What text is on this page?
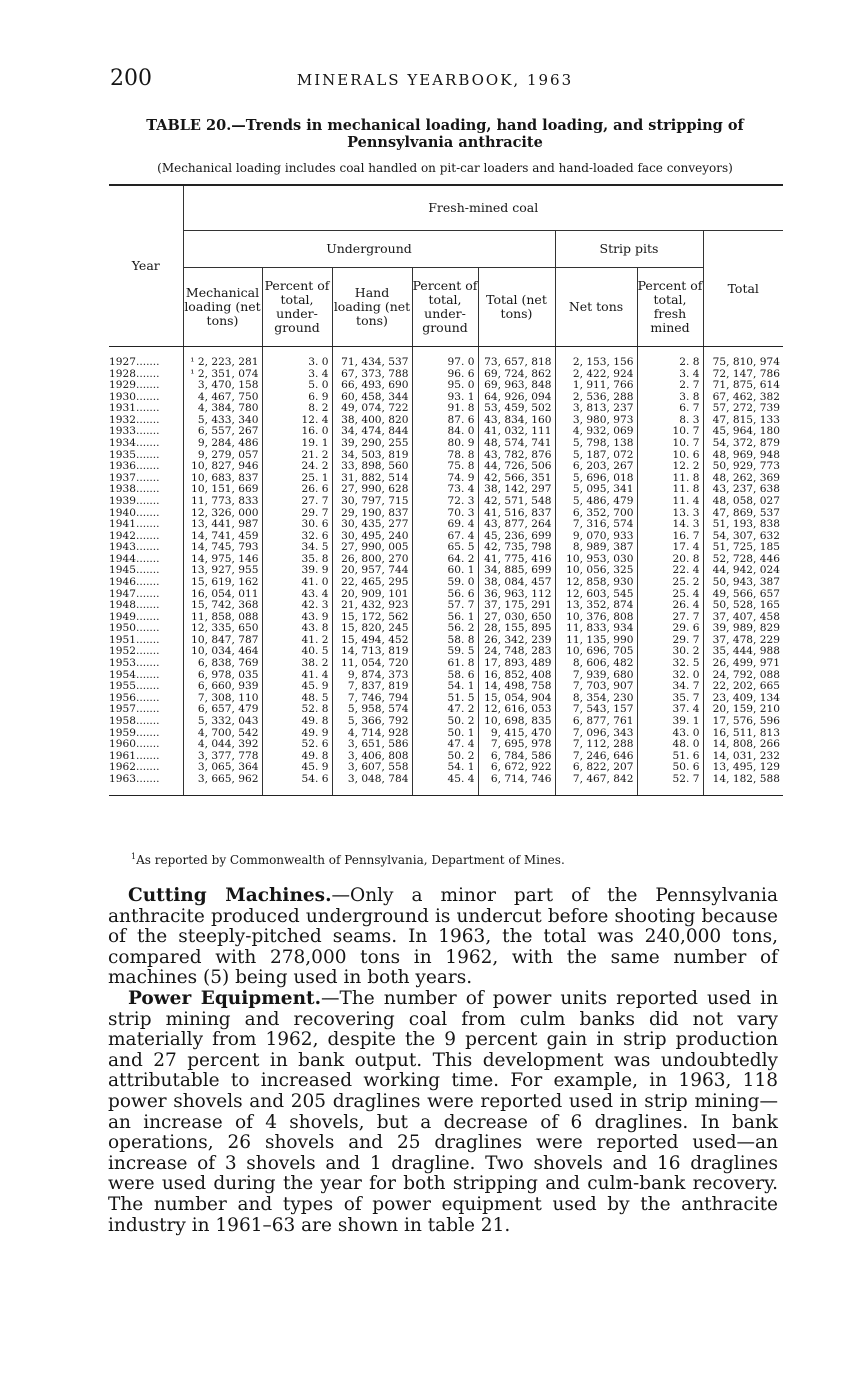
200	MINERALS YEARBOOK, 1963
TABLE 20.—Trends in mechanical loading, hand loading, and stripping of
Pennsylvania anthracite
(Mechanical loading includes coal handled on pit-car loaders and hand-loaded face conveyors)
Year	Fresh-mined coal							
	Underground					Strip pits		Total
	Mechanical loading (net tons)	Percent of total, under- ground	Hand loading (net tons)	Percent of total, under- ground	Total (net tons)	Net tons	Percent of total, fresh mined	
1927.......	¹ 2, 223, 281	3. 0	71, 434, 537	97. 0	73, 657, 818	2, 153, 156	2. 8	75, 810, 974
1928.......	¹ 2, 351, 074	3. 4	67, 373, 788	96. 6	69, 724, 862	2, 422, 924	3. 4	72, 147, 786
1929.......	3, 470, 158	5. 0	66, 493, 690	95. 0	69, 963, 848	1, 911, 766	2. 7	71, 875, 614
1930.......	4, 467, 750	6. 9	60, 458, 344	93. 1	64, 926, 094	2, 536, 288	3. 8	67, 462, 382
1931.......	4, 384, 780	8. 2	49, 074, 722	91. 8	53, 459, 502	3, 813, 237	6. 7	57, 272, 739
1932.......	5, 433, 340	12. 4	38, 400, 820	87. 6	43, 834, 160	3, 980, 973	8. 3	47, 815, 133
1933.......	6, 557, 267	16. 0	34, 474, 844	84. 0	41, 032, 111	4, 932, 069	10. 7	45, 964, 180
1934.......	9, 284, 486	19. 1	39, 290, 255	80. 9	48, 574, 741	5, 798, 138	10. 7	54, 372, 879
1935.......	9, 279, 057	21. 2	34, 503, 819	78. 8	43, 782, 876	5, 187, 072	10. 6	48, 969, 948
1936.......	10, 827, 946	24. 2	33, 898, 560	75. 8	44, 726, 506	6, 203, 267	12. 2	50, 929, 773
1937.......	10, 683, 837	25. 1	31, 882, 514	74. 9	42, 566, 351	5, 696, 018	11. 8	48, 262, 369
1938.......	10, 151, 669	26. 6	27, 990, 628	73. 4	38, 142, 297	5, 095, 341	11. 8	43, 237, 638
1939.......	11, 773, 833	27. 7	30, 797, 715	72. 3	42, 571, 548	5, 486, 479	11. 4	48, 058, 027
1940.......	12, 326, 000	29. 7	29, 190, 837	70. 3	41, 516, 837	6, 352, 700	13. 3	47, 869, 537
1941.......	13, 441, 987	30. 6	30, 435, 277	69. 4	43, 877, 264	7, 316, 574	14. 3	51, 193, 838
1942.......	14, 741, 459	32. 6	30, 495, 240	67. 4	45, 236, 699	9, 070, 933	16. 7	54, 307, 632
1943.......	14, 745, 793	34. 5	27, 990, 005	65. 5	42, 735, 798	8, 989, 387	17. 4	51, 725, 185
1944.......	14, 975, 146	35. 8	26, 800, 270	64. 2	41, 775, 416	10, 953, 030	20. 8	52, 728, 446
1945.......	13, 927, 955	39. 9	20, 957, 744	60. 1	34, 885, 699	10, 056, 325	22. 4	44, 942, 024
1946.......	15, 619, 162	41. 0	22, 465, 295	59. 0	38, 084, 457	12, 858, 930	25. 2	50, 943, 387
1947.......	16, 054, 011	43. 4	20, 909, 101	56. 6	36, 963, 112	12, 603, 545	25. 4	49, 566, 657
1948.......	15, 742, 368	42. 3	21, 432, 923	57. 7	37, 175, 291	13, 352, 874	26. 4	50, 528, 165
1949.......	11, 858, 088	43. 9	15, 172, 562	56. 1	27, 030, 650	10, 376, 808	27. 7	37, 407, 458
1950.......	12, 335, 650	43. 8	15, 820, 245	56. 2	28, 155, 895	11, 833, 934	29. 6	39, 989, 829
1951.......	10, 847, 787	41. 2	15, 494, 452	58. 8	26, 342, 239	11, 135, 990	29. 7	37, 478, 229
1952.......	10, 034, 464	40. 5	14, 713, 819	59. 5	24, 748, 283	10, 696, 705	30. 2	35, 444, 988
1953.......	6, 838, 769	38. 2	11, 054, 720	61. 8	17, 893, 489	8, 606, 482	32. 5	26, 499, 971
1954.......	6, 978, 035	41. 4	9, 874, 373	58. 6	16, 852, 408	7, 939, 680	32. 0	24, 792, 088
1955.......	6, 660, 939	45. 9	7, 837, 819	54. 1	14, 498, 758	7, 703, 907	34. 7	22, 202, 665
1956.......	7, 308, 110	48. 5	7, 746, 794	51. 5	15, 054, 904	8, 354, 230	35. 7	23, 409, 134
1957.......	6, 657, 479	52. 8	5, 958, 574	47. 2	12, 616, 053	7, 543, 157	37. 4	20, 159, 210
1958.......	5, 332, 043	49. 8	5, 366, 792	50. 2	10, 698, 835	6, 877, 761	39. 1	17, 576, 596
1959.......	4, 700, 542	49. 9	4, 714, 928	50. 1	9, 415, 470	7, 096, 343	43. 0	16, 511, 813
1960.......	4, 044, 392	52. 6	3, 651, 586	47. 4	7, 695, 978	7, 112, 288	48. 0	14, 808, 266
1961.......	3, 377, 778	49. 8	3, 406, 808	50. 2	6, 784, 586	7, 246, 646	51. 6	14, 031, 232
1962.......	3, 065, 364	45. 9	3, 607, 558	54. 1	6, 672, 922	6, 822, 207	50. 6	13, 495, 129
1963.......	3, 665, 962	54. 6	3, 048, 784	45. 4	6, 714, 746	7, 467, 842	52. 7	14, 182, 588
$^1$As reported by Commonwealth of Pennsylvania, Department of Mines.

Cutting Machines.—Only a minor part of the Pennsylvania anthracite produced underground is undercut before shooting because of the steeply-pitched seams. In 1963, the total was 240,000 tons, compared with 278,000 tons in 1962, with the same number of machines (5) being used in both years.

Power Equipment.—The number of power units reported used in strip mining and recovering coal from culm banks did not vary materially from 1962, despite the 9 percent gain in strip production and 27 percent in bank output. This development was undoubtedly attributable to increased working time. For example, in 1963, 118 power shovels and 205 draglines were reported used in strip mining—an increase of 4 shovels, but a decrease of 6 draglines. In bank operations, 26 shovels and 25 draglines were reported used—an increase of 3 shovels and 1 dragline. Two shovels and 16 draglines were used during the year for both stripping and culm-bank recovery. The number and types of power equipment used by the anthracite industry in 1961–63 are shown in table 21.
